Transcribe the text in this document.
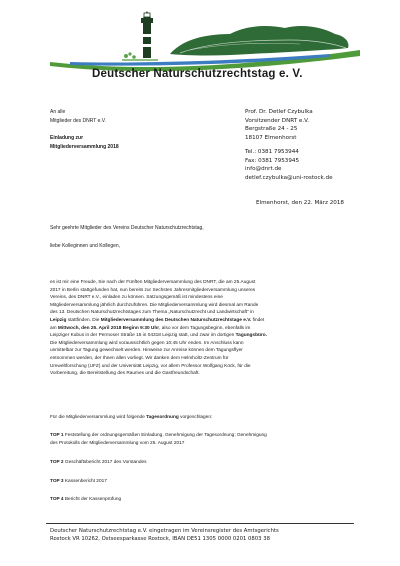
Deutscher Naturschutzrechtstag e. V.
An alle
Mitglieder des DNRT e.V.
Einladung zur
Mitgliederversammlung 2018
Prof. Dr. Detlef Czybulka
Vorsitzender DNRT e.V.
Bergstraße 24 - 25
18107 Elmenhorst
Tel.: 0381 7953944
Fax: 0381 7953945
info@dnrt.de
detlef.czybulka@uni-rostock.de
Elmenhorst, den 22. März 2018
Sehr geehrte Mitglieder des Vereins Deutscher Naturschutzrechtstag,
liebe Kolleginnen und Kollegen,
es ist mir eine Freude, Sie nach der Fünften Mitgliederversammlung des DNRT, die am 25.August
2017 in Berlin stattgefunden hat, nun bereits zur Sechsten Jahresmitgliederversammlung unseres
Vereins, des DNRT e.V., einladen zu können. Satzungsgemäß ist mindestens eine
Mitgliederversammlung jährlich durchzuführen. Die Mitgliederversammlung wird diesmal am Rande
des 13. Deutschen Naturschutzrechtstages zum Thema „Naturschutzrecht und Landwirtschaft“ in
Leipzig stattfinden. Die Mitgliederversammlung des Deutschen Naturschutzrechtstage e.V. findet
am Mittwoch, den 25. April 2018 Beginn 9:30 Uhr, also vor dem Tagungsbeginn, ebenfalls im
Leipziger Kubus in der Permoser Straße 15 in 04318 Leipzig statt, und zwar im dortigen Tagungsbüro.
Die Mitgliederversammlung wird voraussichtlich gegen 10:45 Uhr enden. Im Anschluss kann
unmittelbar zur Tagung gewechselt werden. Hinweise zur Anreise können dem Tagungsflyer
entnommen werden, der Ihnen allen vorliegt. Wir danken dem Helmholtz-Zentrum für
Umweltforschung (UFZ) und der Universität Leipzig, vor allem Professor Wolfgang Köck, für die
Vorbereitung, die Bereitstellung des Raumes und die Gastfreundschaft.
Für die Mitgliederversammlung wird folgende Tagesordnung vorgeschlagen:
TOP 1 Feststellung der ordnungsgemäßen Einladung, Genehmigung der Tagesordnung; Genehmigung
des Protokolls der Mitgliederversammlung vom 25. August 2017
TOP 2 Geschäftsbericht 2017 des Vorstandes
TOP 3 Kassenbericht 2017
TOP 4 Bericht der Kassenprüfung
Deutscher Naturschutzrechtstag e.V. eingetragen im Vereinsregister des Amtsgerichts
Rostock VR 10262, Ostseesparkasse Rostock, IBAN DE51 1305 0000 0201 0803 38
